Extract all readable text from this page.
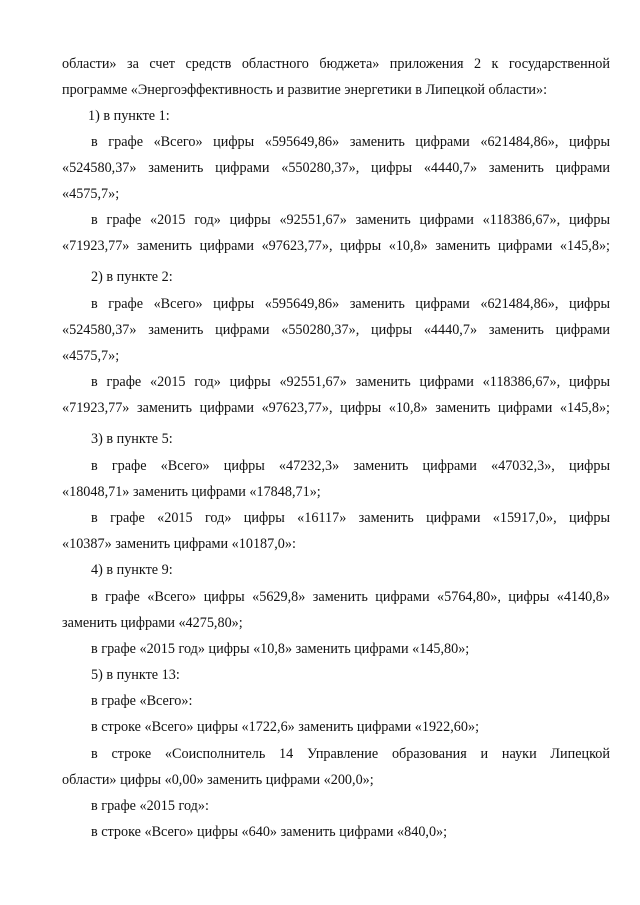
области» за счет средств областного бюджета» приложения 2 к государственной
программе «Энергоэффективность и развитие энергетики в Липецкой области»:
1) в пункте 1:
в графе «Всего» цифры «595649,86» заменить цифрами «621484,86», цифры
«524580,37» заменить цифрами «550280,37», цифры «4440,7» заменить цифрами
«4575,7»;
в графе «2015 год» цифры «92551,67» заменить цифрами «118386,67», цифры
«71923,77» заменить цифрами «97623,77», цифры «10,8» заменить цифрами «145,8»;
2) в пункте 2:
в графе «Всего» цифры «595649,86» заменить цифрами «621484,86», цифры
«524580,37» заменить цифрами «550280,37», цифры «4440,7» заменить цифрами
«4575,7»;
в графе «2015 год» цифры «92551,67» заменить цифрами «118386,67», цифры
«71923,77» заменить цифрами «97623,77», цифры «10,8» заменить цифрами «145,8»;
3) в пункте 5:
в графе «Всего» цифры «47232,3» заменить цифрами «47032,3», цифры
«18048,71» заменить цифрами «17848,71»;
в графе «2015 год» цифры «16117» заменить цифрами «15917,0», цифры
«10387» заменить цифрами «10187,0»:
4) в пункте 9:
в графе «Всего» цифры «5629,8» заменить цифрами «5764,80», цифры «4140,8»
заменить цифрами «4275,80»;
в графе «2015 год» цифры «10,8» заменить цифрами «145,80»;
5) в пункте 13:
в графе «Всего»:
в строке «Всего» цифры «1722,6» заменить цифрами «1922,60»;
в строке «Соисполнитель 14 Управление образования и науки Липецкой
области» цифры «0,00» заменить цифрами «200,0»;
в графе «2015 год»:
в строке «Всего» цифры «640» заменить цифрами «840,0»;
